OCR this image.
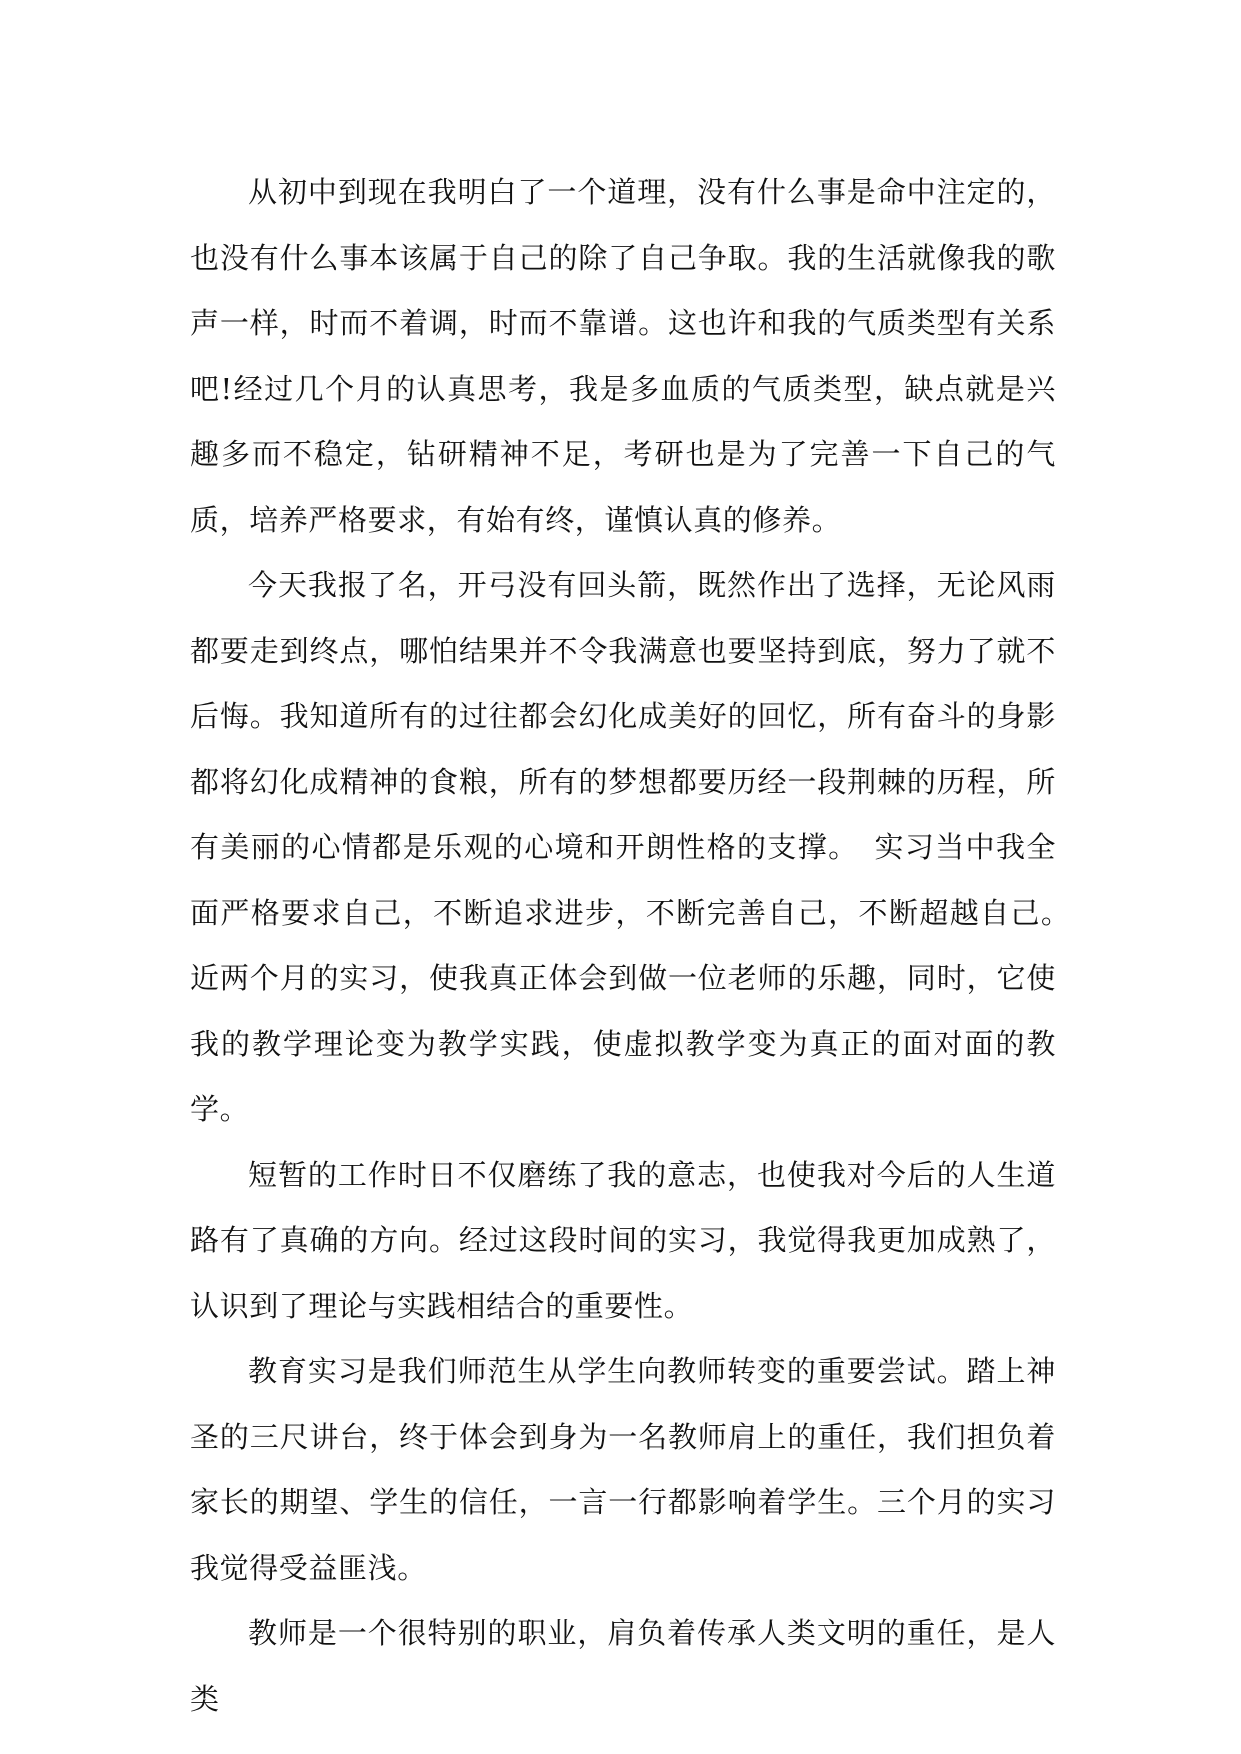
从初中到现在我明白了一个道理，没有什么事是命中注定的，也没有什么事本该属于自己的除了自己争取。我的生活就像我的歌声一样，时而不着调，时而不靠谱。这也许和我的气质类型有关系吧!经过几个月的认真思考，我是多血质的气质类型，缺点就是兴趣多而不稳定，钻研精神不足，考研也是为了完善一下自己的气质，培养严格要求，有始有终，谨慎认真的修养。

今天我报了名，开弓没有回头箭，既然作出了选择，无论风雨都要走到终点，哪怕结果并不令我满意也要坚持到底，努力了就不后悔。我知道所有的过往都会幻化成美好的回忆，所有奋斗的身影都将幻化成精神的食粮，所有的梦想都要历经一段荆棘的历程，所有美丽的心情都是乐观的心境和开朗性格的支撑。　实习当中我全面严格要求自己，不断追求进步，不断完善自己，不断超越自己。　近两个月的实习，使我真正体会到做一位老师的乐趣，同时，它使我的教学理论变为教学实践，使虚拟教学变为真正的面对面的教学。

短暂的工作时日不仅磨练了我的意志，也使我对今后的人生道路有了真确的方向。经过这段时间的实习，我觉得我更加成熟了，认识到了理论与实践相结合的重要性。

教育实习是我们师范生从学生向教师转变的重要尝试。踏上神圣的三尺讲台，终于体会到身为一名教师肩上的重任，我们担负着家长的期望、学生的信任，一言一行都影响着学生。三个月的实习我觉得受益匪浅。

教师是一个很特别的职业，肩负着传承人类文明的重任，是人类
